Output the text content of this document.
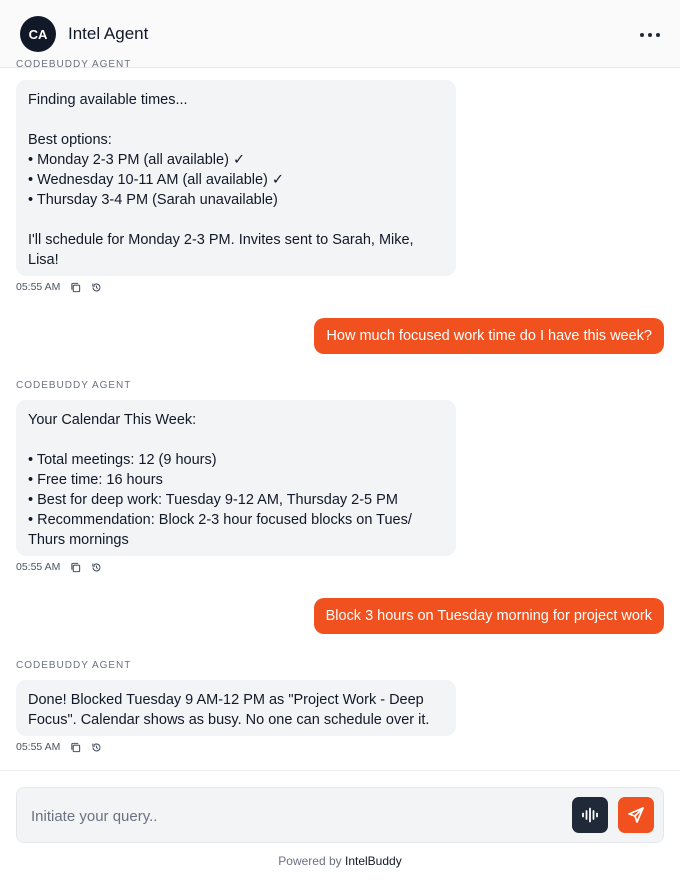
CA	Intel Agent
CODEBUDDY AGENT
Finding available times...

Best options:
• Monday 2-3 PM (all available) ✓
• Wednesday 10-11 AM (all available) ✓
• Thursday 3-4 PM (Sarah unavailable)

I'll schedule for Monday 2-3 PM. Invites sent to Sarah, Mike, Lisa!
05:55 AM
How much focused work time do I have this week?
CODEBUDDY AGENT
Your Calendar This Week:

• Total meetings: 12 (9 hours)
• Free time: 16 hours
• Best for deep work: Tuesday 9-12 AM, Thursday 2-5 PM
• Recommendation: Block 2-3 hour focused blocks on Tues/ Thurs mornings
05:55 AM
Block 3 hours on Tuesday morning for project work
CODEBUDDY AGENT
Done! Blocked Tuesday 9 AM-12 PM as "Project Work - Deep Focus". Calendar shows as busy. No one can schedule over it.
05:55 AM
Initiate your query..
Powered by IntelBuddy
